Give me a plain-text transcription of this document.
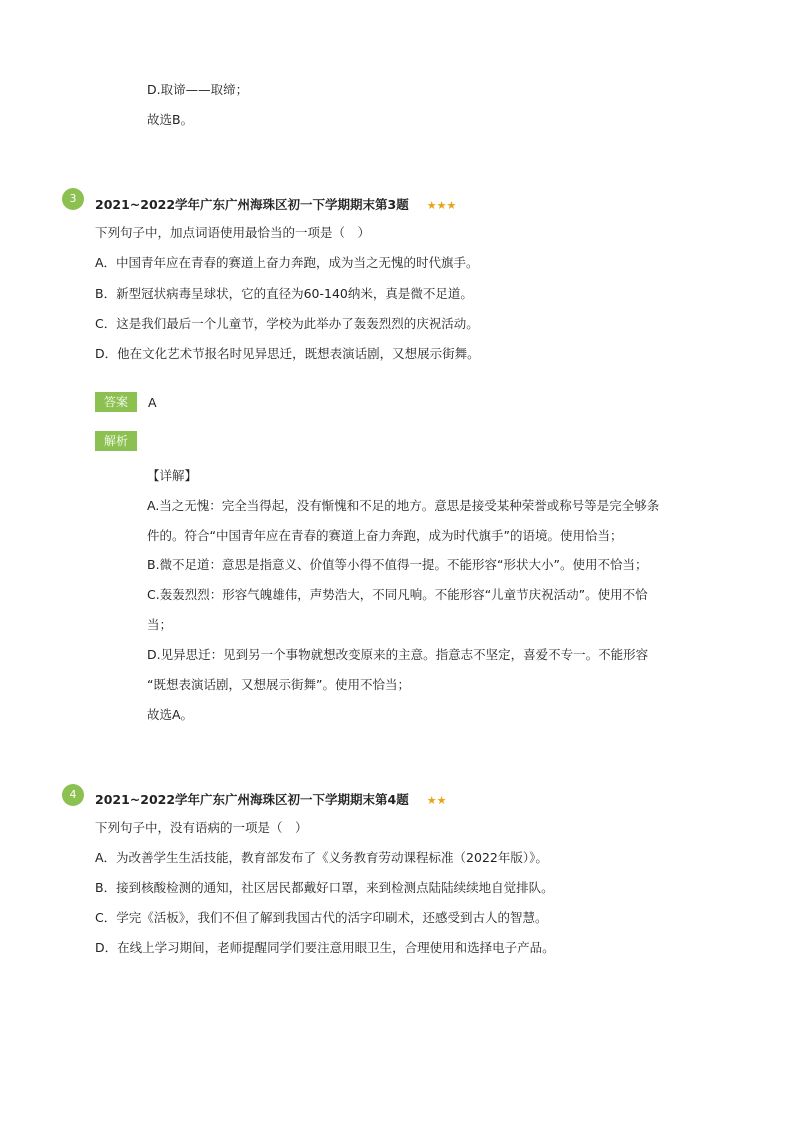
D.取谛——取缔；
故选B。
3	2021~2022学年广东广州海珠区初一下学期期末第3题 ★★★
下列句子中，加点词语使用最恰当的一项是（　）
A．中国青年应在青春的赛道上奋力奔跑，成为当之无愧的时代旗手。
B．新型冠状病毒呈球状，它的直径为60-140纳米，真是微不足道。
C．这是我们最后一个儿童节，学校为此举办了轰轰烈烈的庆祝活动。
D．他在文化艺术节报名时见异思迁，既想表演话剧，又想展示街舞。
答案	A
解析
【详解】
A.当之无愧：完全当得起，没有惭愧和不足的地方。意思是接受某种荣誉或称号等是完全够条
件的。符合“中国青年应在青春的赛道上奋力奔跑，成为时代旗手”的语境。使用恰当；
B.微不足道：意思是指意义、价值等小得不值得一提。不能形容“形状大小”。使用不恰当；
C.轰轰烈烈：形容气魄雄伟，声势浩大，不同凡响。不能形容“儿童节庆祝活动”。使用不恰
当；
D.见异思迁：见到另一个事物就想改变原来的主意。指意志不坚定，喜爱不专一。不能形容
“既想表演话剧，又想展示街舞”。使用不恰当；
故选A。
4	2021~2022学年广东广州海珠区初一下学期期末第4题 ★★
下列句子中，没有语病的一项是（　）
A．为改善学生生活技能，教育部发布了《义务教育劳动课程标准（2022年版）》。
B．接到核酸检测的通知，社区居民都戴好口罩，来到检测点陆陆续续地自觉排队。
C．学完《活板》，我们不但了解到我国古代的活字印刷术，还感受到古人的智慧。
D．在线上学习期间，老师提醒同学们要注意用眼卫生，合理使用和选择电子产品。
